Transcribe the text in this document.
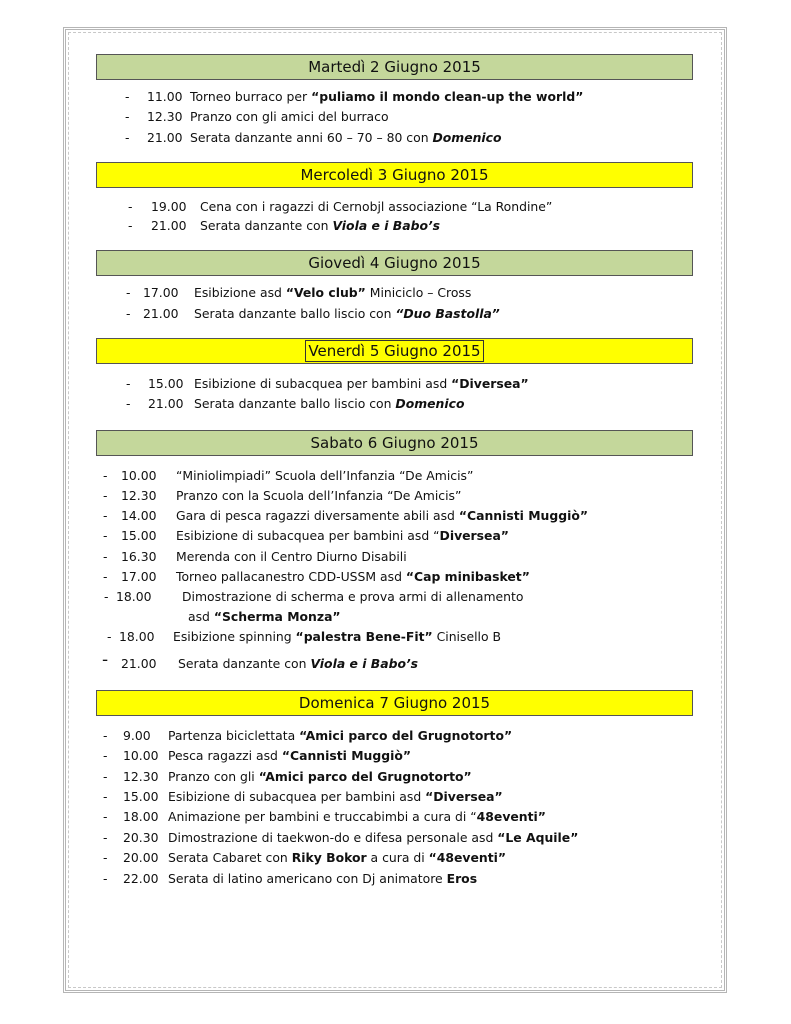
Martedì 2 Giugno 2015
Mercoledì 3 Giugno 2015
Giovedì 4 Giugno 2015
Venerdì 5 Giugno 2015
Sabato 6 Giugno 2015
Domenica 7 Giugno 2015
- 11.00 Torneo burraco per “puliamo il mondo clean-up the world”
- 12.30 Pranzo con gli amici del burraco
- 21.00 Serata danzante anni 60 – 70 – 80 con Domenico
- 19.00 Cena con i ragazzi di Cernobjl associazione “La Rondine”
- 21.00 Serata danzante con Viola e i Babo’s
- 17.00 Esibizione asd “Velo club” Miniciclo – Cross
- 21.00 Serata danzante ballo liscio con “Duo Bastolla”
- 15.00 Esibizione di subacquea per bambini asd “Diversea”
- 21.00 Serata danzante ballo liscio con Domenico
- 10.00 “Miniolimpiadi” Scuola dell’Infanzia “De Amicis”
- 12.30 Pranzo con la Scuola dell’Infanzia “De Amicis”
- 14.00 Gara di pesca ragazzi diversamente abili asd “Cannisti Muggiò”
- 15.00 Esibizione di subacquea per bambini asd “Diversea”
- 16.30 Merenda con il Centro Diurno Disabili
- 17.00 Torneo pallacanestro CDD-USSM asd “Cap minibasket”
- 18.00 Dimostrazione di scherma e prova armi di allenamento
asd “Scherma Monza”
- 18.00 Esibizione spinning “palestra Bene-Fit” Cinisello B
- 21.00 Serata danzante con Viola e i Babo’s
- 9.00 Partenza biciclettata “Amici parco del Grugnotorto”
- 10.00 Pesca ragazzi asd “Cannisti Muggiò”
- 12.30 Pranzo con gli “Amici parco del Grugnotorto”
- 15.00 Esibizione di subacquea per bambini asd “Diversea”
- 18.00 Animazione per bambini e truccabimbi a cura di “48eventi”
- 20.30 Dimostrazione di taekwon-do e difesa personale asd “Le Aquile”
- 20.00 Serata Cabaret con Riky Bokor a cura di “48eventi”
- 22.00 Serata di latino americano con Dj animatore Eros
